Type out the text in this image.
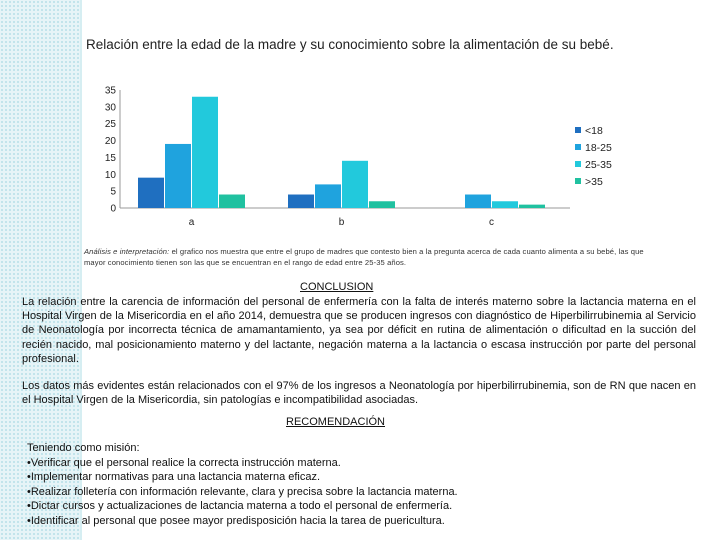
Relación entre la edad de la madre y su conocimiento sobre la alimentación de su bebé.
0
5
10
15
20
25
30
35
a	b	c
<18
18-25
25-35
>35
Análisis e interpretación: el grafico nos muestra que entre el grupo de madres que contesto bien a la pregunta acerca de cada cuanto alimenta a su bebé, las que mayor conocimiento tienen son las que se encuentran en el rango de edad entre 25-35 años.
CONCLUSION
La relación entre la carencia de información del personal de enfermería con la falta de interés materno sobre la lactancia materna en el Hospital Virgen de la Misericordia en el año 2014, demuestra que se producen ingresos con diagnóstico de Hiperbilirrubinemia al Servicio de Neonatología por incorrecta técnica de amamantamiento, ya sea por déficit en rutina de alimentación o dificultad en la succión del recién nacido, mal posicionamiento materno y del lactante, negación materna a la lactancia o escasa instrucción por parte del personal profesional.
Los datos más evidentes están relacionados con el 97% de los ingresos a Neonatología por hiperbilirrubinemia, son de RN que nacen en el Hospital Virgen de la Misericordia, sin patologías e incompatibilidad asociadas.
RECOMENDACIÓN
Teniendo como misión:
•Verificar que el personal realice la correcta instrucción materna.
•Implementar normativas para una lactancia materna eficaz.
•Realizar folletería con información relevante, clara y precisa sobre la lactancia materna.
•Dictar cursos y actualizaciones de lactancia materna a todo el personal de enfermería.
•Identificar al personal que posee mayor predisposición hacia la tarea de puericultura.
